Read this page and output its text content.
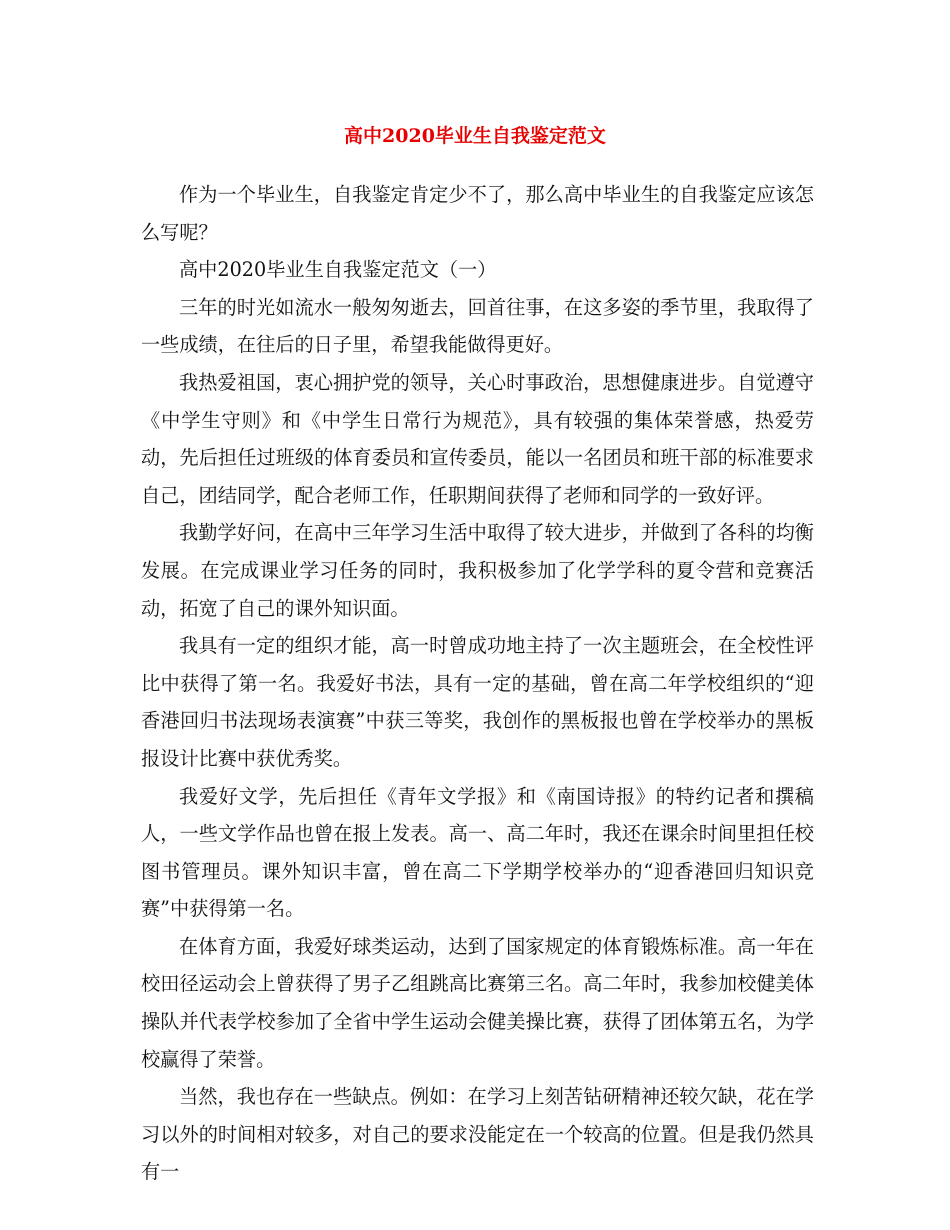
高中2020毕业生自我鉴定范文

作为一个毕业生，自我鉴定肯定少不了，那么高中毕业生的自我鉴定应该怎么写呢？

高中2020毕业生自我鉴定范文（一）

三年的时光如流水一般匆匆逝去，回首往事，在这多姿的季节里，我取得了一些成绩，在往后的日子里，希望我能做得更好。

我热爱祖国，衷心拥护党的领导，关心时事政治，思想健康进步。自觉遵守《中学生守则》和《中学生日常行为规范》，具有较强的集体荣誉感，热爱劳动，先后担任过班级的体育委员和宣传委员，能以一名团员和班干部的标准要求自己，团结同学，配合老师工作，任职期间获得了老师和同学的一致好评。

我勤学好问，在高中三年学习生活中取得了较大进步，并做到了各科的均衡发展。在完成课业学习任务的同时，我积极参加了化学学科的夏令营和竞赛活动，拓宽了自己的课外知识面。

我具有一定的组织才能，高一时曾成功地主持了一次主题班会，在全校性评比中获得了第一名。我爱好书法，具有一定的基础，曾在高二年学校组织的“迎香港回归书法现场表演赛”中获三等奖，我创作的黑板报也曾在学校举办的黑板报设计比赛中获优秀奖。

我爱好文学，先后担任《青年文学报》和《南国诗报》的特约记者和撰稿人，一些文学作品也曾在报上发表。高一、高二年时，我还在课余时间里担任校图书管理员。课外知识丰富，曾在高二下学期学校举办的“迎香港回归知识竞赛”中获得第一名。

在体育方面，我爱好球类运动，达到了国家规定的体育锻炼标准。高一年在校田径运动会上曾获得了男子乙组跳高比赛第三名。高二年时，我参加校健美体操队并代表学校参加了全省中学生运动会健美操比赛，获得了团体第五名，为学校赢得了荣誉。

当然，我也存在一些缺点。例如：在学习上刻苦钻研精神还较欠缺，花在学习以外的时间相对较多，对自己的要求没能定在一个较高的位置。但是我仍然具有一
